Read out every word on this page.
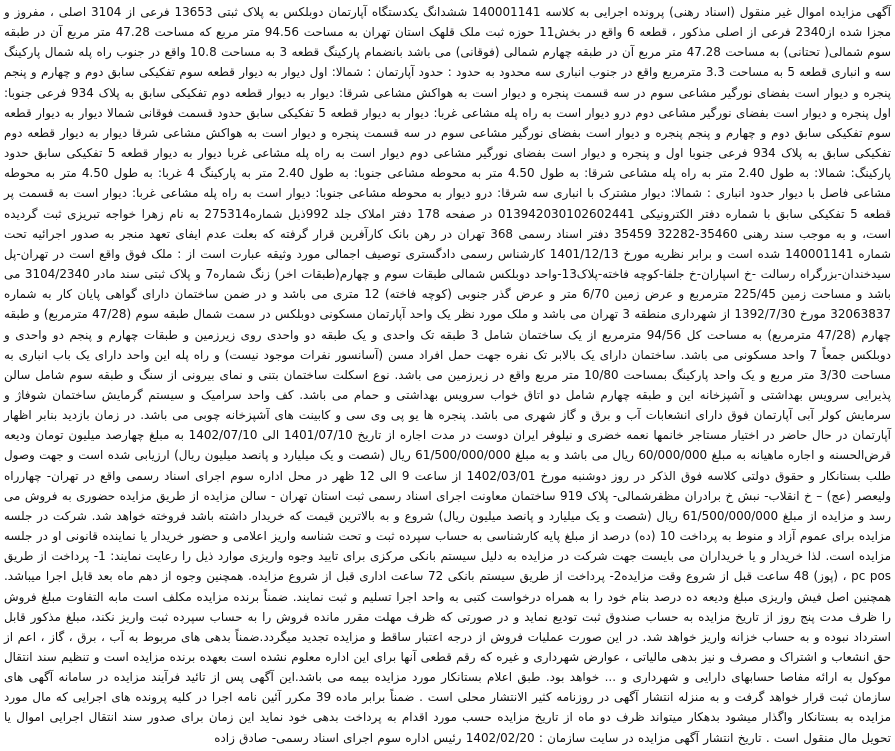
آگهی مزایده اموال غیر منقول (اسناد رهنی) پرونده اجرایی به کلاسه 140001141 ششدانگ یکدستگاه آپارتمان دوبلکس به پلاک ثبتی 13653 فرعی از 3104 اصلی ، مفروز و مجزا شده از2340 فرعی از اصلی مذکور ، قطعه 6 واقع در بخش11 حوزه ثبت ملک قلهک استان تهران به مساحت 94.56 متر مربع که مساحت 47.28 متر مربع آن در طبقه سوم شمالی( تحتانی) به مساحت 47.28 متر مربع آن در طبقه چهارم شمالی (فوقانی) می باشد بانضمام پارکینگ قطعه 3 به مساحت 10.8 واقع در جنوب راه پله شمال پارکینگ سه و انباری قطعه 5 به مساحت 3.3 مترمربع واقع در جنوب انباری سه محدود به حدود : حدود آپارتمان : شمالا: اول دیوار به دیوار قطعه سوم تفکیکی سابق دوم و چهارم و پنجم پنجره و دیوار است بفضای نورگیر مشاعی سوم در سه قسمت پنجره و دیوار است به هواکش مشاعی شرقا: دیوار به دیوار قطعه دوم تفکیکی سابق به پلاک 934 فرعی جنوبا: اول پنجره و دیوار است بفضای نورگیر مشاعی دوم درو دیوار است به راه پله مشاعی غربا: دیوار به دیوار قطعه 5 تفکیکی سابق حدود قسمت فوقانی شمالا دیوار به دیوار قطعه سوم تفکیکی سابق دوم و چهارم و پنجم پنجره و دیوار است بفضای نورگیر مشاعی سوم در سه قسمت پنجره و دیوار است به هواکش مشاعی شرقا دیوار به دیوار قطعه دوم تفکیکی سابق به پلاک 934 فرعی جنوبا اول و پنجره و دیوار است بفضای نورگیر مشاعی دوم دیوار است به راه پله مشاعی غربا دیوار به دیوار قطعه 5 تفکیکی سابق حدود پارکینگ: شمالا: به طول 2.40 متر به راه پله مشاعی شرقا: به طول 4.50 متر به محوطه مشاعی جنوبا: به طول 2.40 متر به پارکینگ 4 غربا: به طول 4.50 متر به محوطه مشاعی فاصل با دیوار حدود انباری : شمالا: دیوار مشترک با انباری سه شرقا: درو دیوار به محوطه مشاعی جنوبا: دیوار است به راه پله مشاعی غربا: دیوار است به قسمت پر قطعه 5 تفکیکی سابق با شماره دفتر الکترونیکی 013942030102602441 در صفحه 178 دفتر املاک جلد 992ذیل شماره275314 به نام زهرا خواجه تبریزی ثبت گردیده است، و به موجب سند رهنی 35460-32282 35459 دفتر اسناد رسمی 368 تهران در رهن بانک کارآفرین قرار گرفته که بعلت عدم ایفای تعهد منجر به صدور اجرائیه تحت شماره 140001141 شده است و برابر نظریه مورخ 1401/12/13 کارشناس رسمی دادگستری توصیف اجمالی مورد وثیقه عبارت است از : ملک فوق واقع است در تهران-پل سیدخندان-بزرگراه رسالت -خ اسپاران-خ جلفا-کوچه فاخته-پلاک13-واحد دوبلکس شمالی طبقات سوم و چهارم(طبقات اخر) زنگ شماره7 و پلاک ثبتی سند مادر 3104/2340 می باشد و مساحت زمین 225/45 مترمربع و عرض زمین 6/70 متر و عرض گذر جنوبی (کوچه فاخته) 12 متری می باشد و در ضمن ساختمان دارای گواهی پایان کار به شماره 32063837 مورخ 1392/7/30 از شهرداری منطقه 3 تهران می باشد و ملک مورد نظر یک واحد آپارتمان مسکونی دوبلکس در سمت شمال طبقه سوم (47/28 مترمربع) و طبقه چهارم (47/28 مترمربع) به مساحت کل 94/56 مترمربع از یک ساختمان شامل 3 طبقه تک واحدی و یک طبقه دو واحدی روی زیرزمین و طبقات چهارم و پنجم دو واحدی و دوبلکس جمعاً 7 واحد مسکونی می باشد. ساختمان دارای یک بالابر تک نفره جهت حمل افراد مسن (آسانسور نفرات موجود نیست) و راه پله این واحد دارای یک باب انباری به مساحت 3/30 متر مربع و یک واحد پارکینگ بمساحت 10/80 متر مربع واقع در زیرزمین می باشد. نوع اسکلت ساختمان بتنی و نمای بیرونی از سنگ و طبقه سوم شامل سالن پذیرایی سرویس بهداشتی و آشپزخانه این و طبقه چهارم شامل دو اتاق خواب سرویس بهداشتی و حمام می باشد. کف واحد سرامیک و سیستم گرمایش ساختمان شوفاژ و سرمایش کولر آبی آپارتمان فوق دارای انشعابات آب و برق و گاز شهری می باشد. پنجره ها یو پی وی سی و کابینت های آشپزخانه چوبی می باشد. در زمان بازدید بنابر اظهار آپارتمان در حال حاضر در اختیار مستاجر خانمها نعمه خضری و نیلوفر ایران دوست در مدت اجاره از تاریخ 1401/07/10 الی 1402/07/10 به مبلغ چهارصد میلیون تومان ودیعه قرض‌الحسنه و اجاره ماهیانه به مبلغ 60/000/000 ریال می باشد و به مبلغ 61/500/000/000 ریال (شصت و یک میلیارد و پانصد میلیون ریال) ارزیابی شده است و جهت وصول طلب بستانکار و حقوق دولتی کلاسه فوق الذکر در روز دوشنبه مورخ 1402/03/01 از ساعت 9 الی 12 ظهر در محل اداره سوم اجرای اسناد رسمی واقع در تهران- چهارراه ولیعصر (عج) – خ انقلاب- نبش خ برادران مظفرشمالی- پلاک 919 ساختمان معاونت اجرای اسناد رسمی ثبت استان تهران - سالن مزایده از طریق مزایده حضوری به فروش می رسد و مزایده از مبلغ 61/500/000/000 ریال (شصت و یک میلیارد و پانصد میلیون ریال) شروع و به بالاترین قیمت که خریدار داشته باشد فروخته خواهد شد. شرکت در جلسه مزایده برای عموم آزاد و منوط به پرداخت 10 (ده) درصد از مبلغ پایه کارشناسی به حساب سپرده ثبت و تحت شناسه واریز اعلامی و حضور خریدار یا نماینده قانونی او در جلسه مزایده است. لذا خریدار و یا خریداران می بایست جهت شرکت در مزایده به دلیل سیستم بانکی مرکزی برای تایید وجوه واریزی موارد ذیل را رعایت نمایند: 1- پرداخت از طریق pc pos ، (پوز) 48 ساعت قبل از شروع وقت مزایده2- پرداخت از طریق سیستم بانکی 72 ساعت اداری قبل از شروع مزایده. همچنین وجوه از دهم ماه بعد قابل اجرا میباشد. همچنین اصل فیش واریزی مبلغ ودیعه ده درصد بنام خود را به همراه درخواست کتبی به واحد اجرا تسلیم و ثبت نمایند. ضمناً برنده مزایده مکلف است مابه التفاوت مبلغ فروش را ظرف مدت پنج روز از تاریخ مزایده به حساب صندوق ثبت تودیع نماید و در صورتی که ظرف مهلت مقرر مانده فروش را به حساب سپرده ثبت واریز نکند، مبلغ مذکور قابل استرداد نبوده و به حساب خزانه واریز خواهد شد. در این صورت عملیات فروش از درجه اعتبار ساقط و مزایده تجدید میگردد.ضمناً بدهی های مربوط به آب ، برق ، گاز ، اعم از حق انشعاب و اشتراک و مصرف و نیز بدهی مالیاتی ، عوارض شهرداری و غیره که رقم قطعی آنها برای این اداره معلوم نشده است بعهده برنده مزایده است و تنظیم سند انتقال موکول به ارائه مفاصا حسابهای دارایی و شهرداری و ... خواهد بود. طبق اعلام بستانکار مورد مزایده بیمه می باشد.این آگهی پس از تائید فرآیند مزایده در سامانه آگهی های سازمان ثبت قرار خواهد گرفت و به منزله انتشار آگهی در روزنامه کثیر الانتشار محلی است . ضمناً برابر ماده 39 مکرر آئین نامه اجرا در کلیه پرونده های اجرایی که مال مورد مزایده به بستانکار واگذار میشود بدهکار میتواند ظرف دو ماه از تاریخ مزایده حسب مورد اقدام به پرداخت بدهی خود نماید این زمان برای صدور سند انتقال اجرایی اموال یا تحویل مال منقول است . تاریخ انتشار آگهی مزایده در سایت سازمان : 1402/02/20 رئیس اداره سوم اجرای اسناد رسمی- صادق زاده
